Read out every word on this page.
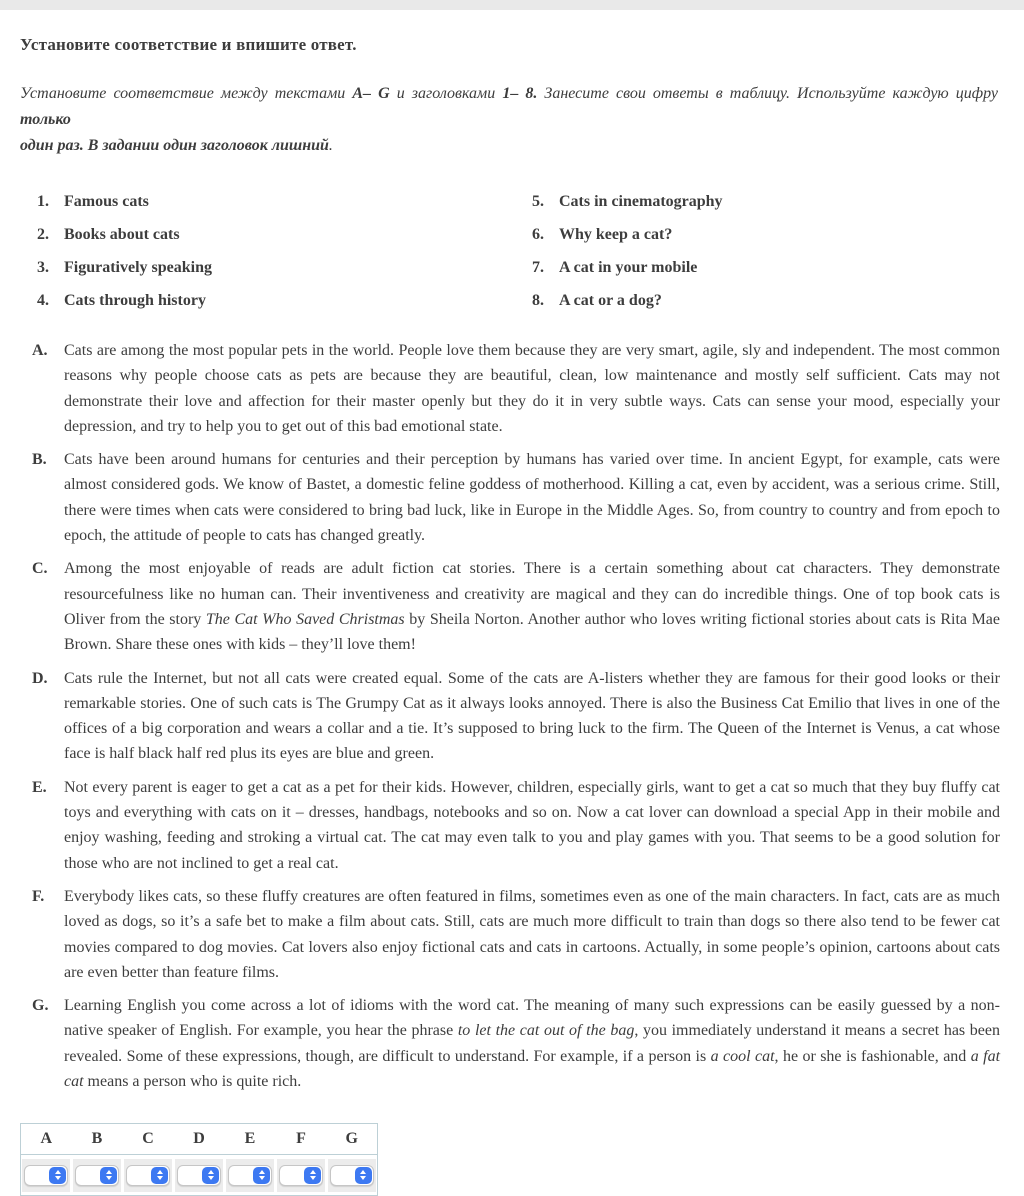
Установите соответствие и впишите ответ.
Установите соответствие между текстами А– G и заголовками 1– 8. Занесите свои ответы в таблицу. Используйте каждую цифру только
один раз. В задании один заголовок лишний.
1. Famous cats
2. Books about cats
3. Figuratively speaking
4. Cats through history
5. Cats in cinematography
6. Why keep a cat?
7. A cat in your mobile
8. A cat or a dog?
A. Cats are among the most popular pets in the world. People love them because they are very smart, agile, sly and independent. The most common reasons why people choose cats as pets are because they are beautiful, clean, low maintenance and mostly self sufficient. Cats may not demonstrate their love and affection for their master openly but they do it in very subtle ways. Cats can sense your mood, especially your depression, and try to help you to get out of this bad emotional state.
B. Cats have been around humans for centuries and their perception by humans has varied over time. In ancient Egypt, for example, cats were almost considered gods. We know of Bastet, a domestic feline goddess of motherhood. Killing a cat, even by accident, was a serious crime. Still, there were times when cats were considered to bring bad luck, like in Europe in the Middle Ages. So, from country to country and from epoch to epoch, the attitude of people to cats has changed greatly.
C. Among the most enjoyable of reads are adult fiction cat stories. There is a certain something about cat characters. They demonstrate resourcefulness like no human can. Their inventiveness and creativity are magical and they can do incredible things. One of top book cats is Oliver from the story The Cat Who Saved Christmas by Sheila Norton. Another author who loves writing fictional stories about cats is Rita Mae Brown. Share these ones with kids – they’ll love them!
D. Cats rule the Internet, but not all cats were created equal. Some of the cats are A-listers whether they are famous for their good looks or their remarkable stories. One of such cats is The Grumpy Cat as it always looks annoyed. There is also the Business Cat Emilio that lives in one of the offices of a big corporation and wears a collar and a tie. It’s supposed to bring luck to the firm. The Queen of the Internet is Venus, a cat whose face is half black half red plus its eyes are blue and green.
E. Not every parent is eager to get a cat as a pet for their kids. However, children, especially girls, want to get a cat so much that they buy fluffy cat toys and everything with cats on it – dresses, handbags, notebooks and so on. Now a cat lover can download a special App in their mobile and enjoy washing, feeding and stroking a virtual cat. The cat may even talk to you and play games with you. That seems to be a good solution for those who are not inclined to get a real cat.
F. Everybody likes cats, so these fluffy creatures are often featured in films, sometimes even as one of the main characters. In fact, cats are as much loved as dogs, so it’s a safe bet to make a film about cats. Still, cats are much more difficult to train than dogs so there also tend to be fewer cat movies compared to dog movies. Cat lovers also enjoy fictional cats and cats in cartoons. Actually, in some people’s opinion, cartoons about cats are even better than feature films.
G. Learning English you come across a lot of idioms with the word cat. The meaning of many such expressions can be easily guessed by a non-native speaker of English. For example, you hear the phrase to let the cat out of the bag, you immediately understand it means a secret has been revealed. Some of these expressions, though, are difficult to understand. For example, if a person is a cool cat, he or she is fashionable, and a fat cat means a person who is quite rich.
A	B	C	D	E	F	G
